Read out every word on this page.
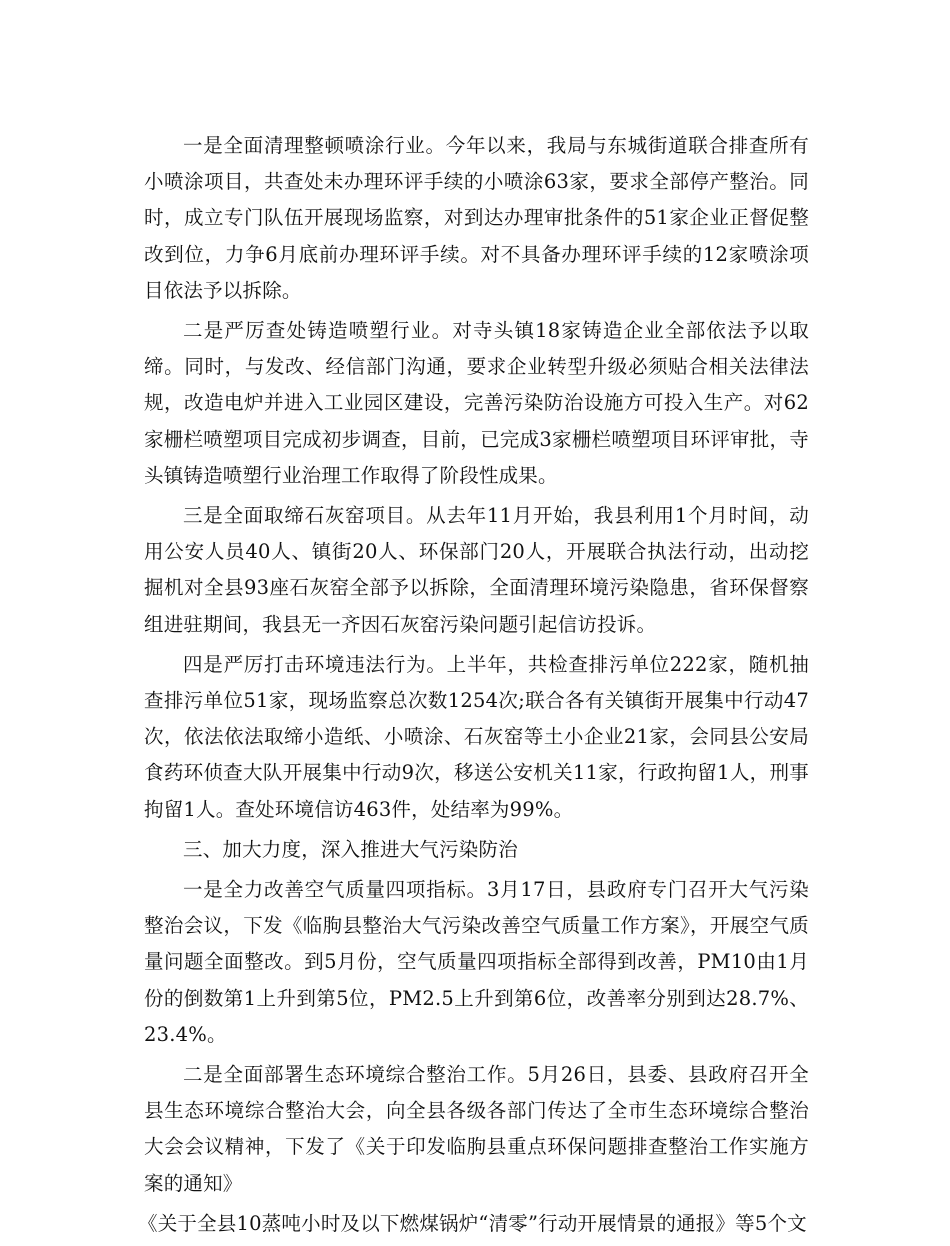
一是全面清理整顿喷涂行业。今年以来，我局与东城街道联合排查所有小喷涂项目，共查处未办理环评手续的小喷涂63家，要求全部停产整治。同时，成立专门队伍开展现场监察，对到达办理审批条件的51家企业正督促整改到位，力争6月底前办理环评手续。对不具备办理环评手续的12家喷涂项目依法予以拆除。

二是严厉查处铸造喷塑行业。对寺头镇18家铸造企业全部依法予以取缔。同时，与发改、经信部门沟通，要求企业转型升级必须贴合相关法律法规，改造电炉并进入工业园区建设，完善污染防治设施方可投入生产。对62家栅栏喷塑项目完成初步调查，目前，已完成3家栅栏喷塑项目环评审批，寺头镇铸造喷塑行业治理工作取得了阶段性成果。

三是全面取缔石灰窑项目。从去年11月开始，我县利用1个月时间，动用公安人员40人、镇街20人、环保部门20人，开展联合执法行动，出动挖掘机对全县93座石灰窑全部予以拆除，全面清理环境污染隐患，省环保督察组进驻期间，我县无一齐因石灰窑污染问题引起信访投诉。

四是严厉打击环境违法行为。上半年，共检查排污单位222家，随机抽查排污单位51家，现场监察总次数1254次;联合各有关镇街开展集中行动47次，依法依法取缔小造纸、小喷涂、石灰窑等土小企业21家，会同县公安局食药环侦查大队开展集中行动9次，移送公安机关11家，行政拘留1人，刑事拘留1人。查处环境信访463件，处结率为99%。

三、加大力度，深入推进大气污染防治

一是全力改善空气质量四项指标。3月17日，县政府专门召开大气污染整治会议，下发《临朐县整治大气污染改善空气质量工作方案》，开展空气质量问题全面整改。到5月份，空气质量四项指标全部得到改善，PM10由1月份的倒数第1上升到第5位，PM2.5上升到第6位，改善率分别到达28.7%、23.4%。

二是全面部署生态环境综合整治工作。5月26日，县委、县政府召开全县生态环境综合整治大会，向全县各级各部门传达了全市生态环境综合整治大会会议精神，下发了《关于印发临朐县重点环保问题排查整治工作实施方案的通知》

《关于全县10蒸吨小时及以下燃煤锅炉“清零”行动开展情景的通报》等5个文
